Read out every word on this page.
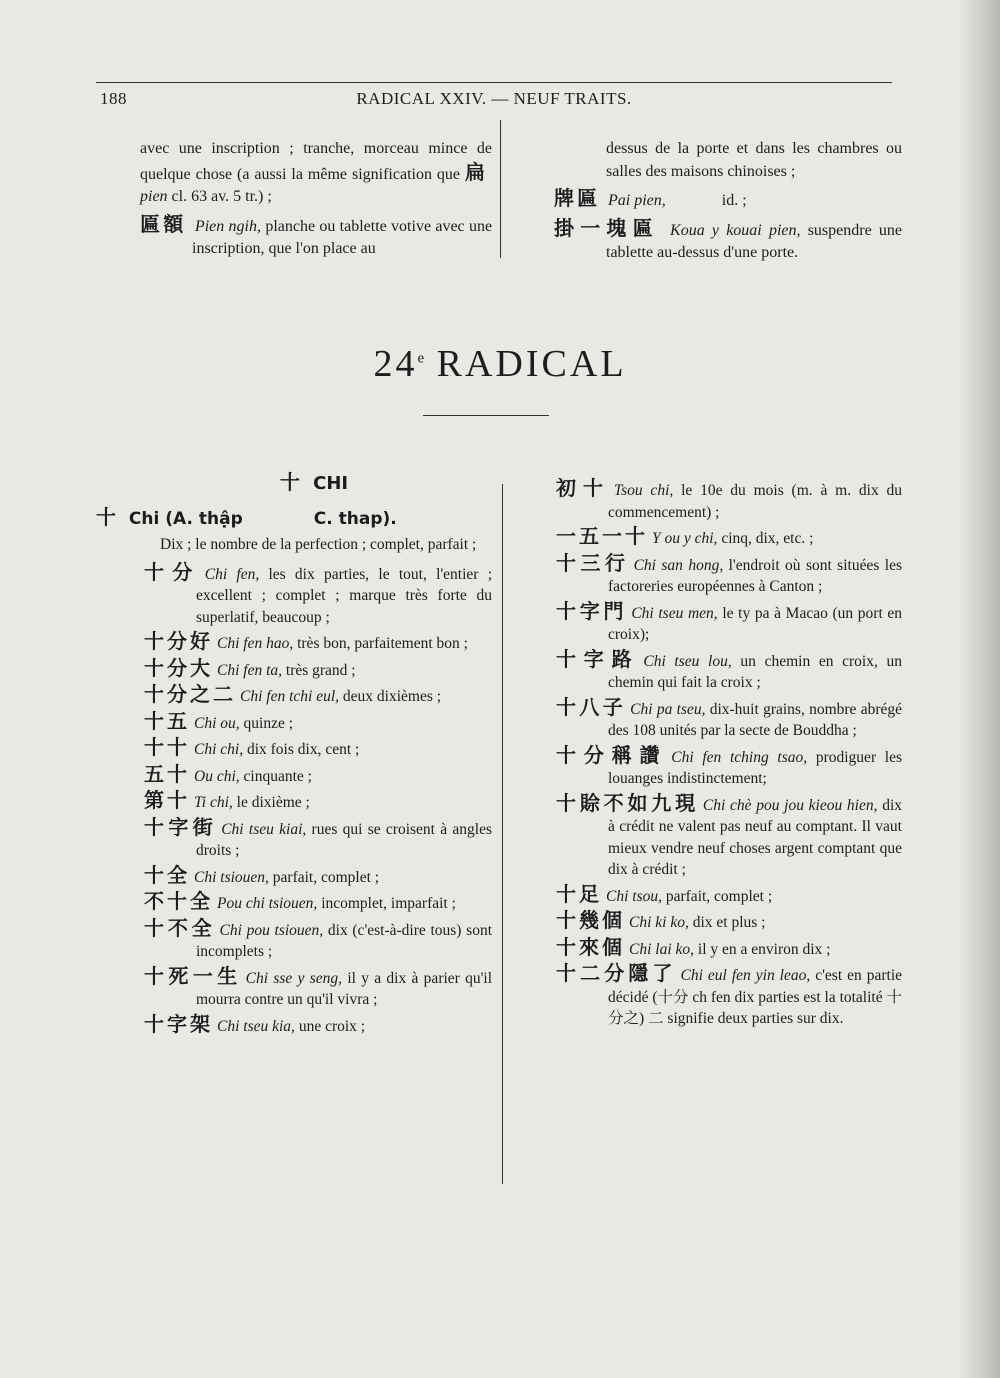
188	RADICAL XXIV. — NEUF TRAITS.
avec une inscription ; tranche, morceau mince de quelque chose (a aussi la même signification que 扁 pien cl. 63 av. 5 tr.) ;
匾額 Pien ngih, planche ou tablette votive avec une inscription, que l'on place au
dessus de la porte et dans les chambres ou salles des maisons chinoises ;
牌匾 Pai pien,	id. ;
掛一塊匾 Koua y kouai pien, suspendre une tablette au-dessus d'une porte.
24e RADICAL
十 CHI
十 Chi (A. thập	C. thap).
Dix ; le nombre de la perfection ; complet, parfait ;
十分 Chi fen, les dix parties, le tout, l'entier ; excellent ; complet ; marque très forte du superlatif, beaucoup ;
十分好 Chi fen hao, très bon, parfaitement bon ;
十分大 Chi fen ta, très grand ;
十分之二 Chi fen tchi eul, deux dixièmes ;
十五 Chi ou, quinze ;
十十 Chi chi, dix fois dix, cent ;
五十 Ou chi, cinquante ;
第十 Ti chi, le dixième ;
十字街 Chi tseu kiai, rues qui se croisent à angles droits ;
十全 Chi tsiouen, parfait, complet ;
不十全 Pou chi tsiouen, incomplet, imparfait ;
十不全 Chi pou tsiouen, dix (c'est-à-dire tous) sont incomplets ;
十死一生 Chi sse y seng, il y a dix à parier qu'il mourra contre un qu'il vivra ;
十字架 Chi tseu kia, une croix ;
初十 Tsou chi, le 10e du mois (m. à m. dix du commencement) ;
一五一十 Y ou y chi, cinq, dix, etc. ;
十三行 Chi san hong, l'endroit où sont situées les factoreries européennes à Canton ;
十字門 Chi tseu men, le ty pa à Macao (un port en croix);
十字路 Chi tseu lou, un chemin en croix, un chemin qui fait la croix ;
十八子 Chi pa tseu, dix-huit grains, nombre abrégé des 108 unités par la secte de Bouddha ;
十分稱讚 Chi fen tching tsao, prodiguer les louanges indistinctement;
十賒不如九現 Chi chè pou jou kieou hien, dix à crédit ne valent pas neuf au comptant. Il vaut mieux vendre neuf choses argent comptant que dix à crédit ;
十足 Chi tsou, parfait, complet ;
十幾個 Chi ki ko, dix et plus ;
十來個 Chi lai ko, il y en a environ dix ;
十二分隱了 Chi eul fen yin leao, c'est en partie décidé (十分 ch fen dix parties est la totalité 十分之) 二 signifie deux parties sur dix.
